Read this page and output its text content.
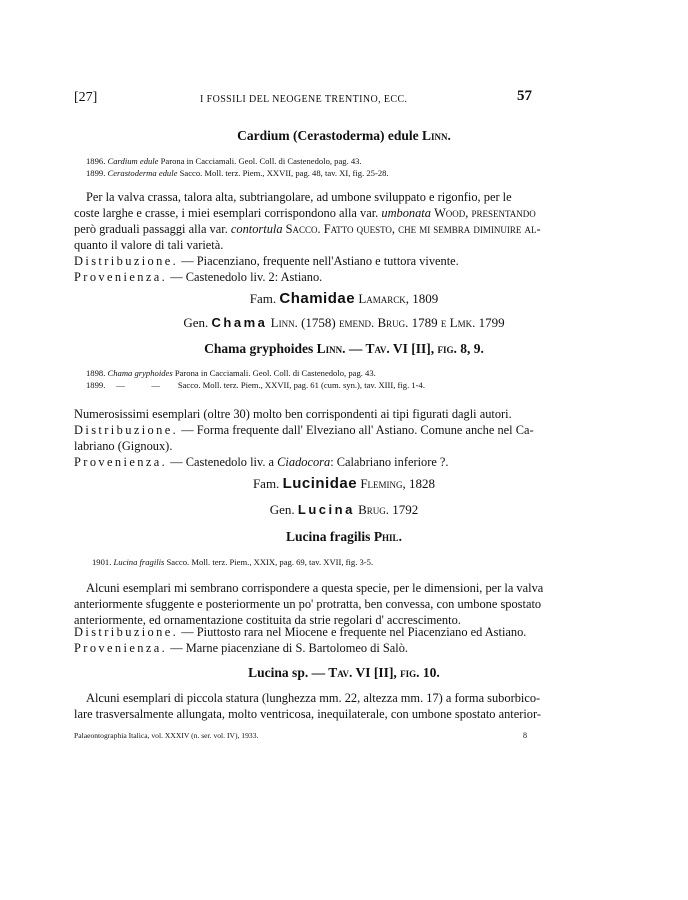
[27]	I FOSSILI DEL NEOGENE TRENTINO, ECC.	57
Cardium (Cerastoderma) edule Linn.
1896. Cardium edule Parona in Cacciamali. Geol. Coll. di Castenedolo, pag. 43.
1899. Cerastoderma edule Sacco. Moll. terz. Piem., XXVII, pag. 48, tav. XI, fig. 25-28.
Per la valva crassa, talora alta, subtriangolare, ad umbone sviluppato e rigonfio, per le
coste larghe e crasse, i miei esemplari corrispondono alla var. umbonata Wood, presentando
però graduali passaggi alla var. contortula Sacco. Fatto questo, che mi sembra diminuire al-
quanto il valore di tali varietà.
Distribuzione. — Piacenziano, frequente nell'Astiano e tuttora vivente.
Provenienza. — Castenedolo liv. 2: Astiano.
Fam. Chamidae Lamarck, 1809
Gen. Chama Linn. (1758) emend. Brug. 1789 e Lmk. 1799
Chama gryphoides Linn. — Tav. VI [II], fig. 8, 9.
1898. Chama gryphoides Parona in Cacciamali. Geol. Coll. di Castenedolo, pag. 43.
1899. —	— Sacco. Moll. terz. Piem., XXVII, pag. 61 (cum. syn.), tav. XIII, fig. 1-4.
Numerosissimi esemplari (oltre 30) molto ben corrispondenti ai tipi figurati dagli autori.
Distribuzione. — Forma frequente dall' Elveziano all' Astiano. Comune anche nel Ca-
labriano (Gignoux).
Provenienza. — Castenedolo liv. a Ciadocora: Calabriano inferiore ?.
Fam. Lucinidae Fleming, 1828
Gen. Lucina Brug. 1792
Lucina fragilis Phil.
1901. Lucina fragilis Sacco. Moll. terz. Piem., XXIX, pag. 69, tav. XVII, fig. 3-5.
Alcuni esemplari mi sembrano corrispondere a questa specie, per le dimensioni, per la valva
anteriormente sfuggente e posteriormente un po' protratta, ben convessa, con umbone spostato
anteriormente, ed ornamentazione costituita da strie regolari d' accrescimento.
Distribuzione. — Piuttosto rara nel Miocene e frequente nel Piacenziano ed Astiano.
Provenienza. — Marne piacenziane di S. Bartolomeo di Salò.
Lucina sp. — Tav. VI [II], fig. 10.
Alcuni esemplari di piccola statura (lunghezza mm. 22, altezza mm. 17) a forma suborbico-
lare trasversalmente allungata, molto ventricosa, inequilaterale, con umbone spostato anterior-
Palaeontographia Italica, vol. XXXIV (n. ser. vol. IV), 1933.	8
